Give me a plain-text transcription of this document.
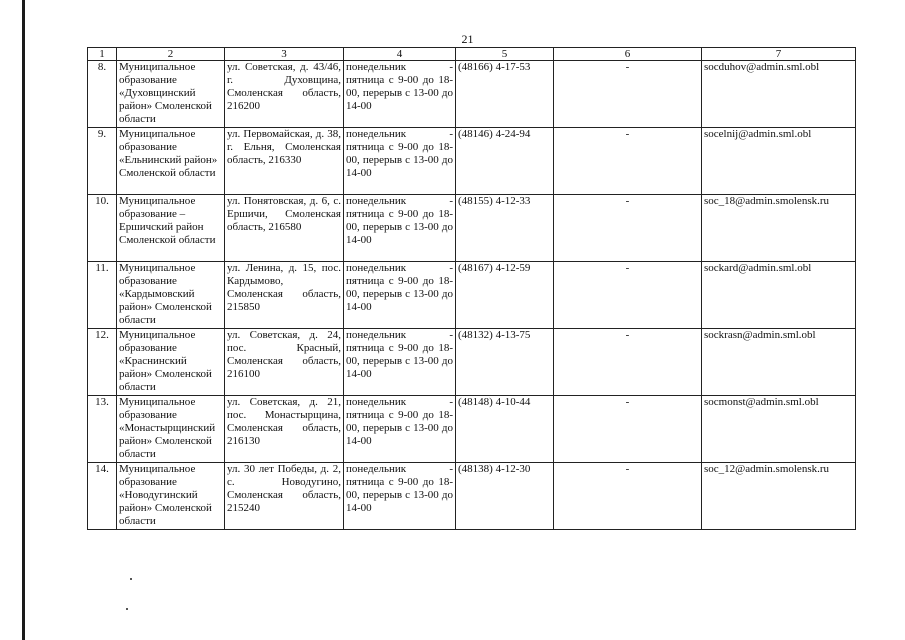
21
1	2	3	4	5	6	7
8.	Муниципальное образование «Духовщинский район» Смоленской области	ул. Советская, д. 43/46, г. Духовщина, Смоленская область, 216200	понедельник - пятница с 9-00 до 18-00, перерыв с 13-00 до 14-00	(48166) 4-17-53	-	socduhov@admin.sml.obl
9.	Муниципальное образование «Ельнинский район» Смоленской области	ул. Первомайская, д. 38, г. Ельня, Смоленская область, 216330	понедельник - пятница с 9-00 до 18-00, перерыв с 13-00 до 14-00	(48146) 4-24-94	-	socelnij@admin.sml.obl
10.	Муниципальное образование – Ершичский район Смоленской области	ул. Понятовская, д. 6, с. Ершичи, Смоленская область, 216580	понедельник - пятница с 9-00 до 18-00, перерыв с 13-00 до 14-00	(48155) 4-12-33	-	soc_18@admin.smolensk.ru
11.	Муниципальное образование «Кардымовский район» Смоленской области	ул. Ленина, д. 15, пос. Кардымово, Смоленская область, 215850	понедельник - пятница с 9-00 до 18-00, перерыв с 13-00 до 14-00	(48167) 4-12-59	-	sockard@admin.sml.obl
12.	Муниципальное образование «Краснинский район» Смоленской области	ул. Советская, д. 24, пос. Красный, Смоленская область, 216100	понедельник - пятница с 9-00 до 18-00, перерыв с 13-00 до 14-00	(48132) 4-13-75	-	sockrasn@admin.sml.obl
13.	Муниципальное образование «Монастырщинский район» Смоленской области	ул. Советская, д. 21, пос. Монастырщина, Смоленская область, 216130	понедельник - пятница с 9-00 до 18-00, перерыв с 13-00 до 14-00	(48148) 4-10-44	-	socmonst@admin.sml.obl
14.	Муниципальное образование «Новодугинский район» Смоленской области	ул. 30 лет Победы, д. 2, с. Новодугино, Смоленская область, 215240	понедельник - пятница с 9-00 до 18-00, перерыв с 13-00 до 14-00	(48138) 4-12-30	-	soc_12@admin.smolensk.ru
